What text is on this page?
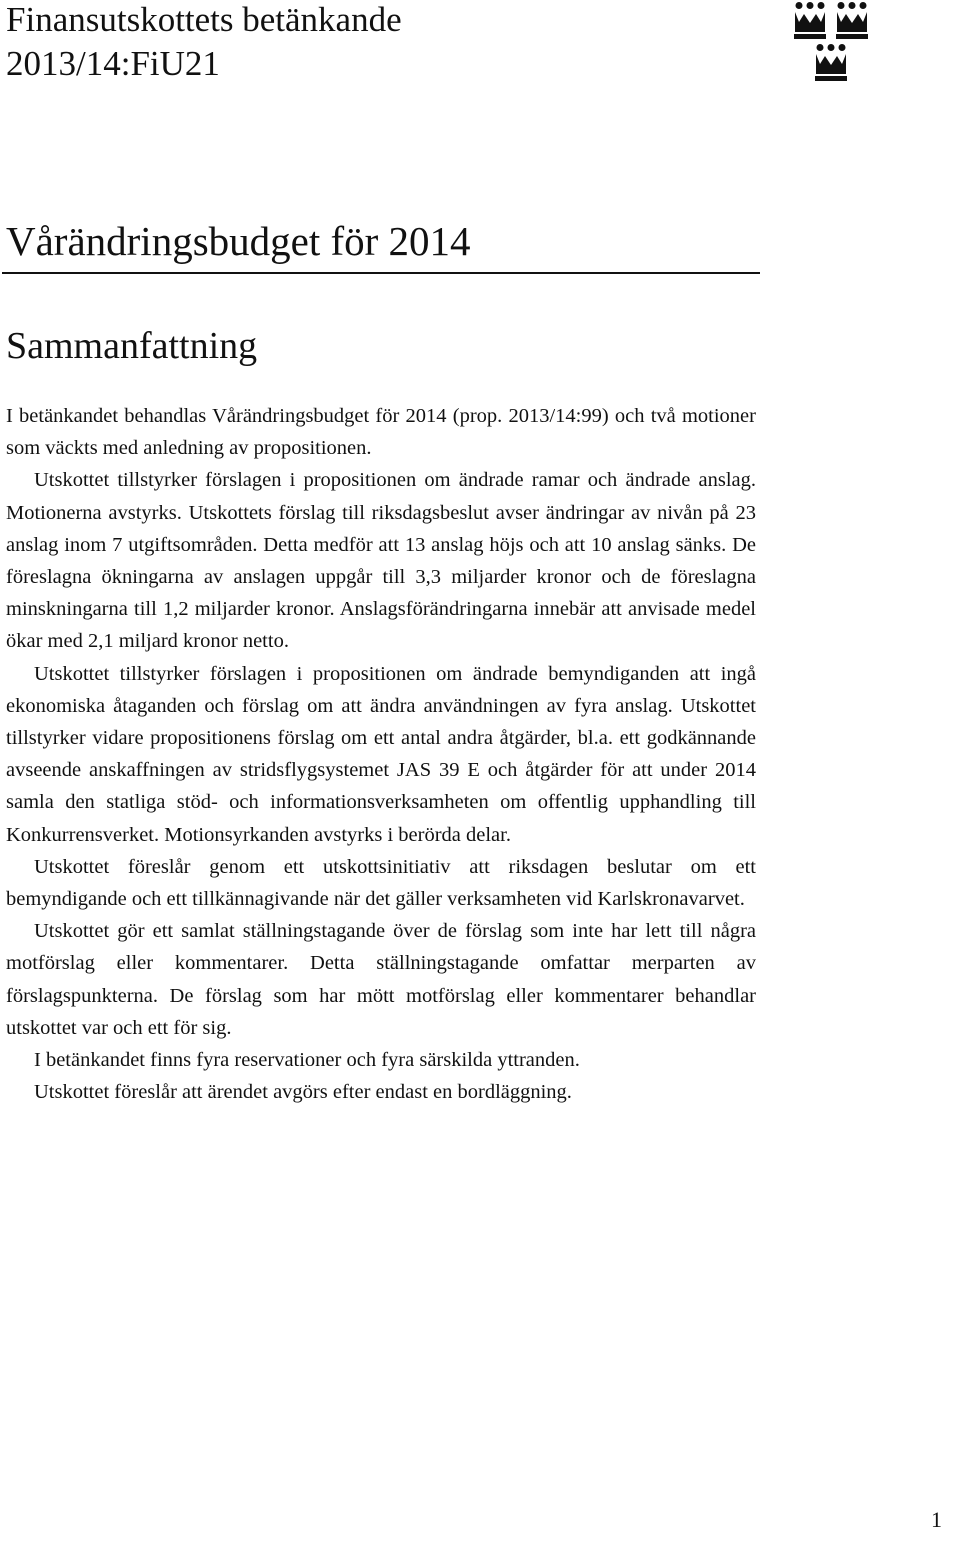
Finansutskottets betänkande
2013/14:FiU21
Vårändringsbudget för 2014
Sammanfattning

I betänkandet behandlas Vårändringsbudget för 2014 (prop. 2013/14:99) och två motioner som väckts med anledning av propositionen.

Utskottet tillstyrker förslagen i propositionen om ändrade ramar och ändrade anslag. Motionerna avstyrks. Utskottets förslag till riksdagsbeslut avser ändringar av nivån på 23 anslag inom 7 utgiftsområden. Detta medför att 13 anslag höjs och att 10 anslag sänks. De föreslagna ökningarna av anslagen uppgår till 3,3 miljarder kronor och de föreslagna minskningarna till 1,2 miljarder kronor. Anslagsförändringarna innebär att anvisade medel ökar med 2,1 miljard kronor netto.

Utskottet tillstyrker förslagen i propositionen om ändrade bemyndiganden att ingå ekonomiska åtaganden och förslag om att ändra användningen av fyra anslag. Utskottet tillstyrker vidare propositionens förslag om ett antal andra åtgärder, bl.a. ett godkännande avseende anskaffningen av stridsflygsystemet JAS 39 E och åtgärder för att under 2014 samla den statliga stöd- och informationsverksamheten om offentlig upphandling till Konkurrensverket. Motionsyrkanden avstyrks i berörda delar.

Utskottet föreslår genom ett utskottsinitiativ att riksdagen beslutar om ett bemyndigande och ett tillkännagivande när det gäller verksamheten vid Karlskronavarvet.

Utskottet gör ett samlat ställningstagande över de förslag som inte har lett till några motförslag eller kommentarer. Detta ställningstagande omfattar merparten av förslagspunkterna. De förslag som har mött motförslag eller kommentarer behandlar utskottet var och ett för sig.

I betänkandet finns fyra reservationer och fyra särskilda yttranden.

Utskottet föreslår att ärendet avgörs efter endast en bordläggning.

1
